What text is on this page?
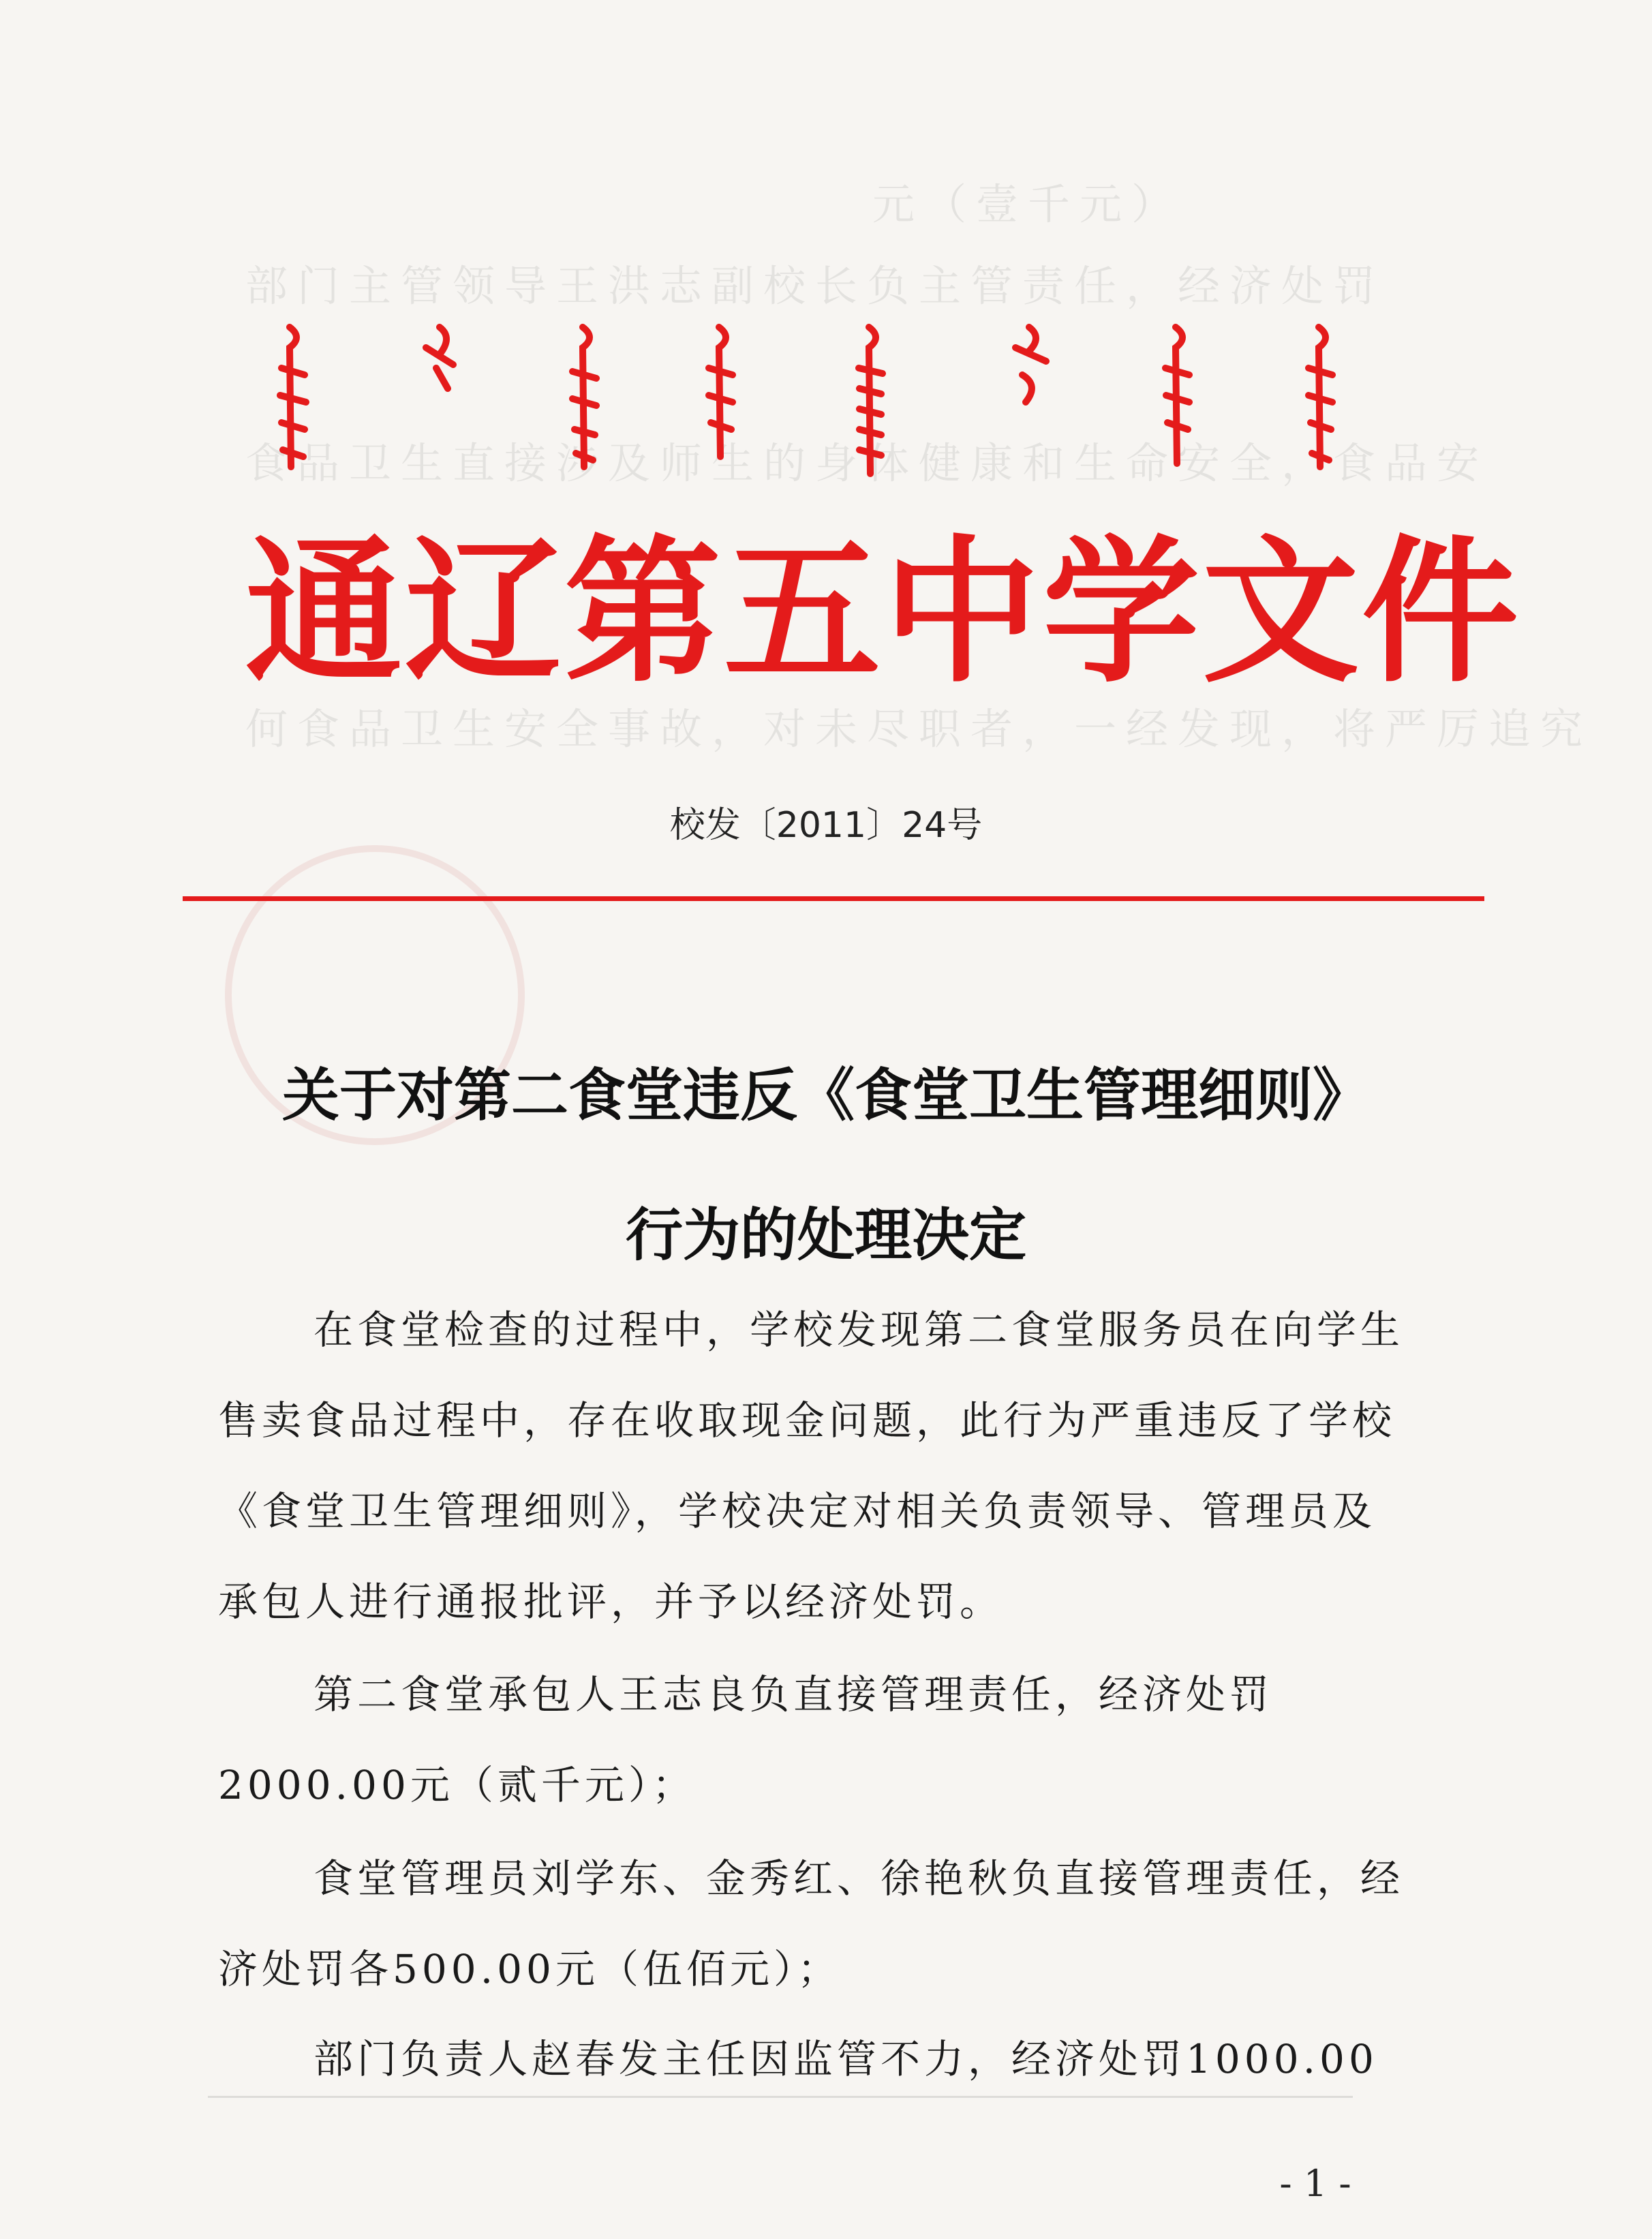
元（壹千元）
部门主管领导王洪志副校长负主管责任，经济处罚
食品卫生直接涉及师生的身体健康和生命安全，食品安
何食品卫生安全事故，对未尽职者，一经发现，将严厉追究
通辽第五中学文件
校发〔2011〕24号
关于对第二食堂违反《食堂卫生管理细则》
行为的处理决定
在食堂检查的过程中，学校发现第二食堂服务员在向学生售卖食品过程中，存在收取现金问题，此行为严重违反了学校《食堂卫生管理细则》，学校决定对相关负责领导、管理员及承包人进行通报批评，并予以经济处罚。
第二食堂承包人王志良负直接管理责任，经济处罚2000.00元（贰千元）；
食堂管理员刘学东、金秀红、徐艳秋负直接管理责任，经济处罚各500.00元（伍佰元）；
部门负责人赵春发主任因监管不力，经济处罚1000.00
- 1 -
